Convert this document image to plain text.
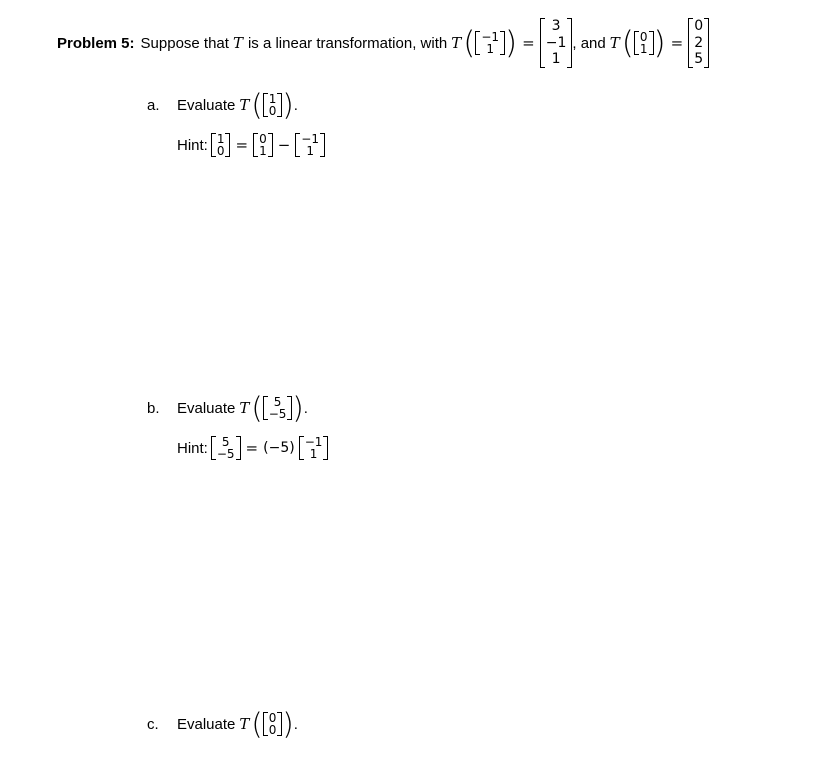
Problem 5: Suppose that T is a linear transformation, with T ( −1
1 ) =
3
−1
1
, and T ( 0
1 ) =
0
2
5
a.	Evaluate T ( 1
0 ) .
Hint: 1
0 = 0
1 − −1
1
b.	Evaluate T ( 5
−5 ) .
Hint: 5
−5 = (−5) −1
1
c.	Evaluate T ( 0
0 ) .
